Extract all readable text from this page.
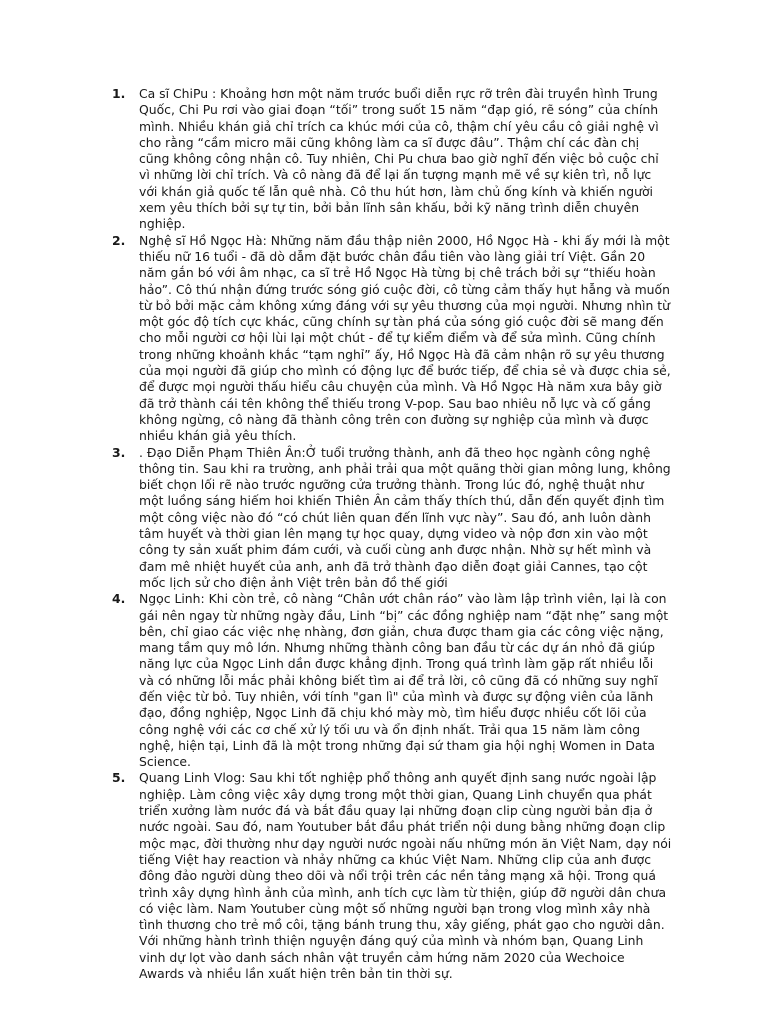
1. Ca sĩ ChiPu : Khoảng hơn một năm trước buổi diễn rực rỡ trên đài truyền hình Trung Quốc, Chi Pu rơi vào giai đoạn “tối” trong suốt 15 năm “đạp gió, rẽ sóng” của chính mình. Nhiều khán giả chỉ trích ca khúc mới của cô, thậm chí yêu cầu cô giải nghệ vì cho rằng “cầm micro mãi cũng không làm ca sĩ được đâu”. Thậm chí các đàn chị cũng không công nhận cô. Tuy nhiên, Chi Pu chưa bao giờ nghĩ đến việc bỏ cuộc chỉ vì những lời chỉ trích. Và cô nàng đã để lại ấn tượng mạnh mẽ về sự kiên trì, nỗ lực với khán giả quốc tế lẫn quê nhà. Cô thu hút hơn, làm chủ ống kính và khiến người xem yêu thích bởi sự tự tin, bởi bản lĩnh sân khấu, bởi kỹ năng trình diễn chuyên nghiệp.
2. Nghệ sĩ Hồ Ngọc Hà: Những năm đầu thập niên 2000, Hồ Ngọc Hà - khi ấy mới là một thiếu nữ 16 tuổi - đã dò dẫm đặt bước chân đầu tiên vào làng giải trí Việt. Gần 20 năm gắn bó với âm nhạc, ca sĩ trẻ Hồ Ngọc Hà từng bị chê trách bởi sự “thiếu hoàn hảo”. Cô thú nhận đứng trước sóng gió cuộc đời, cô từng cảm thấy hụt hẫng và muốn từ bỏ bởi mặc cảm không xứng đáng với sự yêu thương của mọi người. Nhưng nhìn từ một góc độ tích cực khác, cũng chính sự tàn phá của sóng gió cuộc đời sẽ mang đến cho mỗi người cơ hội lùi lại một chút - để tự kiểm điểm và để sửa mình. Cũng chính trong những khoảnh khắc “tạm nghỉ” ấy, Hồ Ngọc Hà đã cảm nhận rõ sự yêu thương của mọi người đã giúp cho mình có động lực để bước tiếp, để chia sẻ và được chia sẻ, để được mọi người thấu hiểu câu chuyện của mình. Và Hồ Ngọc Hà năm xưa bây giờ đã trở thành cái tên không thể thiếu trong V-pop. Sau bao nhiêu nỗ lực và cố gắng không ngừng, cô nàng đã thành công trên con đường sự nghiệp của mình và được nhiều khán giả yêu thích.
3. . Đạo Diễn Phạm Thiên Ân:Ở tuổi trưởng thành, anh đã theo học ngành công nghệ thông tin. Sau khi ra trường, anh phải trải qua một quãng thời gian mông lung, không biết chọn lối rẽ nào trước ngưỡng cửa trưởng thành. Trong lúc đó, nghệ thuật như một luồng sáng hiếm hoi khiến Thiên Ân cảm thấy thích thú, dẫn đến quyết định tìm một công việc nào đó “có chút liên quan đến lĩnh vực này”. Sau đó, anh luôn dành tâm huyết và thời gian lên mạng tự học quay, dựng video và nộp đơn xin vào một công ty sản xuất phim đám cưới, và cuối cùng anh được nhận. Nhờ sự hết mình và đam mê nhiệt huyết của anh, anh đã trở thành đạo diễn đoạt giải Cannes, tạo cột mốc lịch sử cho điện ảnh Việt trên bản đồ thế giới
4. Ngọc Linh: Khi còn trẻ, cô nàng “Chân ướt chân ráo” vào làm lập trình viên, lại là con gái nên ngay từ những ngày đầu, Linh “bị” các đồng nghiệp nam “đặt nhẹ” sang một bên, chỉ giao các việc nhẹ nhàng, đơn giản, chưa được tham gia các công việc nặng, mang tầm quy mô lớn. Nhưng những thành công ban đầu từ các dự án nhỏ đã giúp năng lực của Ngọc Linh dần được khẳng định. Trong quá trình làm gặp rất nhiều lỗi và có những lỗi mắc phải không biết tìm ai để trả lời, cô cũng đã có những suy nghĩ đến việc từ bỏ. Tuy nhiên, với tính "gan lì" của mình và được sự động viên của lãnh đạo, đồng nghiệp, Ngọc Linh đã chịu khó mày mò, tìm hiểu được nhiều cốt lõi của công nghệ với các cơ chế xử lý tối ưu và ổn định nhất. Trải qua 15 năm làm công nghệ, hiện tại, Linh đã là một trong những đại sứ tham gia hội nghị Women in Data Science.
5. Quang Linh Vlog: Sau khi tốt nghiệp phổ thông anh quyết định sang nước ngoài lập nghiệp. Làm công việc xây dựng trong một thời gian, Quang Linh chuyển qua phát triển xưởng làm nước đá và bắt đầu quay lại những đoạn clip cùng người bản địa ở nước ngoài. Sau đó, nam Youtuber bắt đầu phát triển nội dung bằng những đoạn clip mộc mạc, đời thường như dạy người nước ngoài nấu những món ăn Việt Nam, dạy nói tiếng Việt hay reaction và nhảy những ca khúc Việt Nam. Những clip của anh được đông đảo người dùng theo dõi và nổi trội trên các nền tảng mạng xã hội. Trong quá trình xây dựng hình ảnh của mình, anh tích cực làm từ thiện, giúp đỡ người dân chưa có việc làm. Nam Youtuber cùng một số những người bạn trong vlog mình xây nhà tình thương cho trẻ mồ côi, tặng bánh trung thu, xây giếng, phát gạo cho người dân. Với những hành trình thiện nguyện đáng quý của mình và nhóm bạn, Quang Linh vinh dự lọt vào danh sách nhân vật truyền cảm hứng năm 2020 của Wechoice Awards và nhiều lần xuất hiện trên bản tin thời sự.
